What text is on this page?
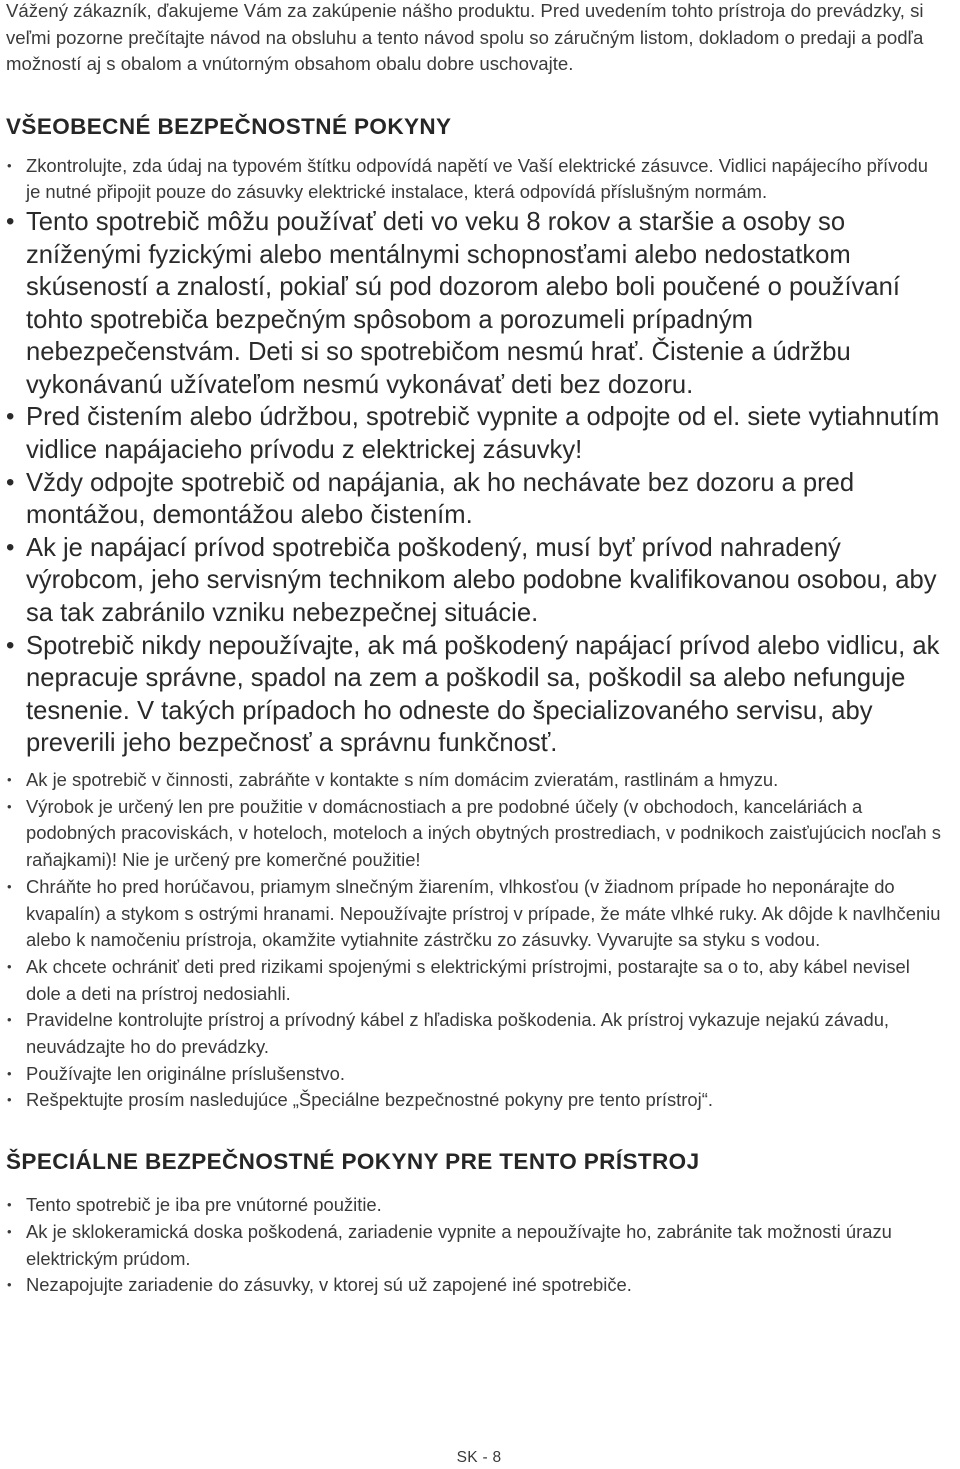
Vážený zákazník, ďakujeme Vám za zakúpenie nášho produktu. Pred uvedením tohto prístroja do prevádzky, si veľmi pozorne prečítajte návod na obsluhu a tento návod spolu so záručným listom, dokladom o predaji a podľa možností aj s obalom a vnútorným obsahom obalu dobre uschovajte.

VŠEOBECNÉ BEZPEČNOSTNÉ POKYNY
• Zkontrolujte, zda údaj na typovém štítku odpovídá napětí ve Vaší elektrické zásuvce. Vidlici napájecího přívodu je nutné připojit pouze do zásuvky elektrické instalace, která odpovídá příslušným normám.
• Tento spotrebič môžu používať deti vo veku 8 rokov a staršie a osoby so zníženými fyzickými alebo mentálnymi schopnosťami alebo nedostatkom skúseností a znalostí, pokiaľ sú pod dozorom alebo boli poučené o používaní tohto spotrebiča bezpečným spôsobom a porozumeli prípadným nebezpečenstvám. Deti si so spotrebičom nesmú hrať. Čistenie a údržbu vykonávanú užívateľom nesmú vykonávať deti bez dozoru.
• Pred čistením alebo údržbou, spotrebič vypnite a odpojte od el. siete vytiahnutím vidlice napájacieho prívodu z elektrickej zásuvky!
• Vždy odpojte spotrebič od napájania, ak ho nechávate bez dozoru a pred montážou, demontážou alebo čistením.
• Ak je napájací prívod spotrebiča poškodený, musí byť prívod nahradený výrobcom, jeho servisným technikom alebo podobne kvalifikovanou osobou, aby sa tak zabránilo vzniku nebezpečnej situácie.
• Spotrebič nikdy nepoužívajte, ak má poškodený napájací prívod alebo vidlicu, ak nepracuje správne, spadol na zem a poškodil sa, poškodil sa alebo nefunguje tesnenie. V takých prípadoch ho odneste do špecializovaného servisu, aby preverili jeho bezpečnosť a správnu funkčnosť.
• Ak je spotrebič v činnosti, zabráňte v kontakte s ním domácim zvieratám, rastlinám a hmyzu.
• Výrobok je určený len pre použitie v domácnostiach a pre podobné účely (v obchodoch, kanceláriách a podobných pracoviskách, v hoteloch, moteloch a iných obytných prostrediach, v podnikoch zaisťujúcich nocľah s raňajkami)! Nie je určený pre komerčné použitie!
• Chráňte ho pred horúčavou, priamym slnečným žiarením, vlhkosťou (v žiadnom prípade ho neponárajte do kvapalín) a stykom s ostrými hranami. Nepoužívajte prístroj v prípade, že máte vlhké ruky. Ak dôjde k navlhčeniu alebo k namočeniu prístroja, okamžite vytiahnite zástrčku zo zásuvky. Vyvarujte sa styku s vodou.
• Ak chcete ochrániť deti pred rizikami spojenými s elektrickými prístrojmi, postarajte sa o to, aby kábel nevisel dole a deti na prístroj nedosiahli.
• Pravidelne kontrolujte prístroj a prívodný kábel z hľadiska poškodenia. Ak prístroj vykazuje nejakú závadu, neuvádzajte ho do prevádzky.
• Používajte len originálne príslušenstvo.
• Rešpektujte prosím nasledujúce „Špeciálne bezpečnostné pokyny pre tento prístroj“.
ŠPECIÁLNE BEZPEČNOSTNÉ POKYNY PRE TENTO PRÍSTROJ
• Tento spotrebič je iba pre vnútorné použitie.
• Ak je sklokeramická doska poškodená, zariadenie vypnite a nepoužívajte ho, zabránite tak možnosti úrazu elektrickým prúdom.
• Nezapojujte zariadenie do zásuvky, v ktorej sú už zapojené iné spotrebiče.
SK - 8
